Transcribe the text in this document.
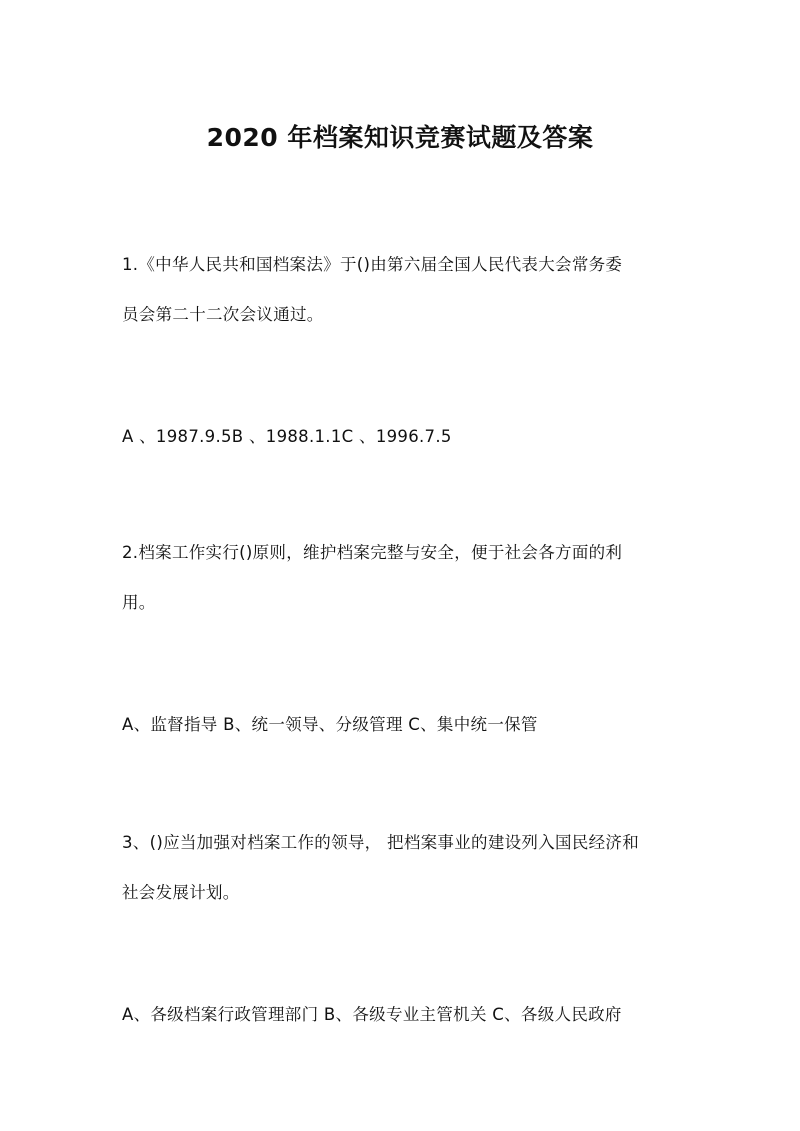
2020 年档案知识竞赛试题及答案
1.《中华人民共和国档案法》于()由第六届全国人民代表大会常务委
员会第二十二次会议通过。
A 、1987.9.5B 、1988.1.1C 、1996.7.5
2.档案工作实行()原则，维护档案完整与安全，便于社会各方面的利
用。
A、监督指导 B、统一领导、分级管理 C、集中统一保管
3、()应当加强对档案工作的领导， 把档案事业的建设列入国民经济和
社会发展计划。
A、各级档案行政管理部门 B、各级专业主管机关 C、各级人民政府
